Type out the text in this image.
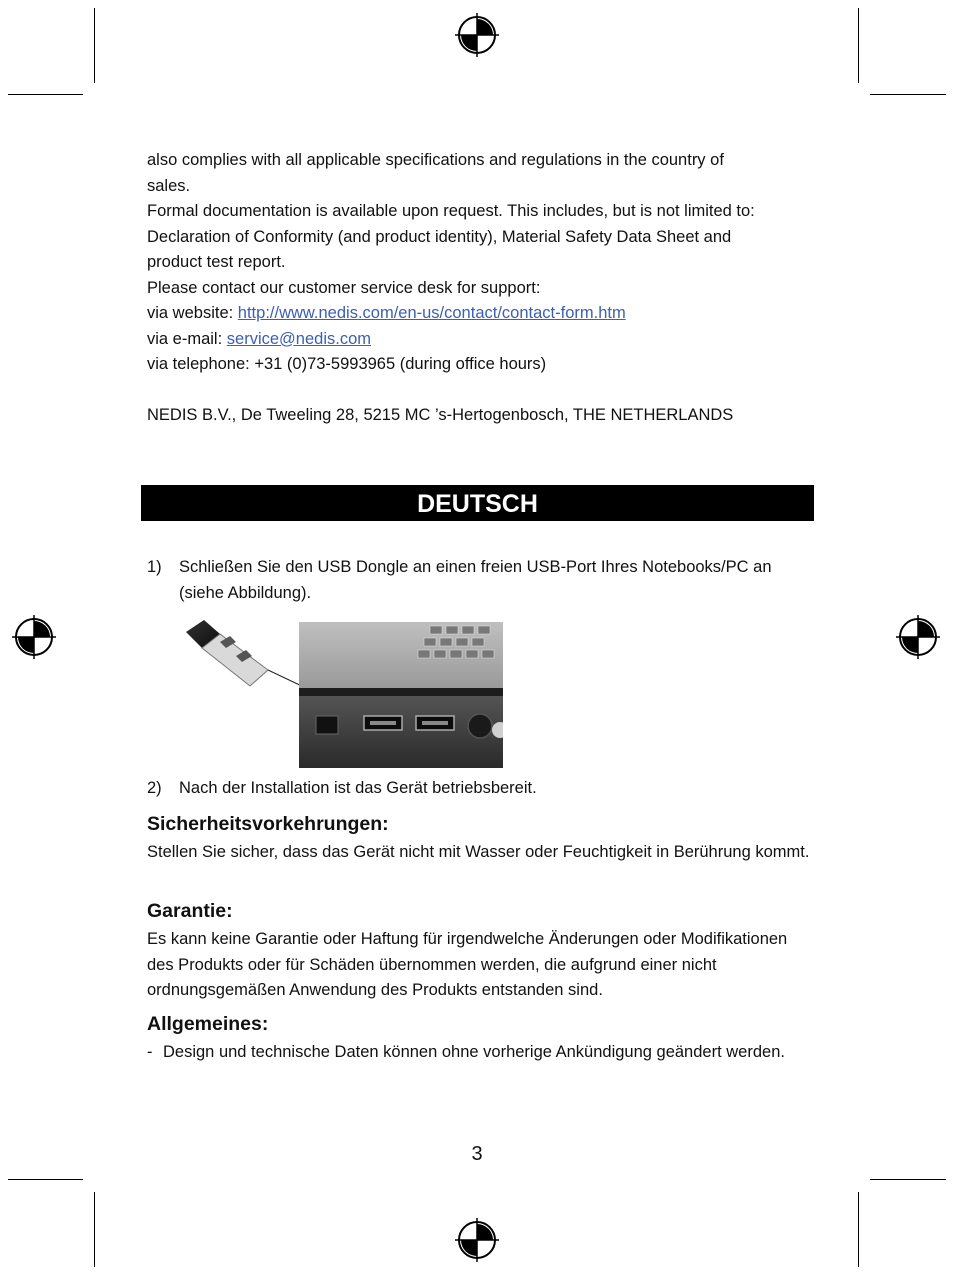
also complies with all applicable specifications and regulations in the country of

sales.

Formal documentation is available upon request. This includes, but is not limited to:

Declaration of Conformity (and product identity), Material Safety Data Sheet and

product test report.

Please contact our customer service desk for support:

via website: http://www.nedis.com/en-us/contact/contact-form.htm

via e-mail: service@nedis.com

via telephone: +31 (0)73-5993965 (during office hours)

NEDIS B.V., De Tweeling 28, 5215 MC ’s-Hertogenbosch, THE NETHERLANDS

DEUTSCH
1)	Schließen Sie den USB Dongle an einen freien USB-Port Ihres Notebooks/PC an (siehe Abbildung).
2)	Nach der Installation ist das Gerät betriebsbereit.

Sicherheitsvorkehrungen:

Stellen Sie sicher, dass das Gerät nicht mit Wasser oder Feuchtigkeit in Berührung kommt.

Garantie:

Es kann keine Garantie oder Haftung für irgendwelche Änderungen oder Modifikationen des Produkts oder für Schäden übernommen werden, die aufgrund einer nicht ordnungsgemäßen Anwendung des Produkts entstanden sind.

Allgemeines:

- Design und technische Daten können ohne vorherige Ankündigung geändert werden.
3
